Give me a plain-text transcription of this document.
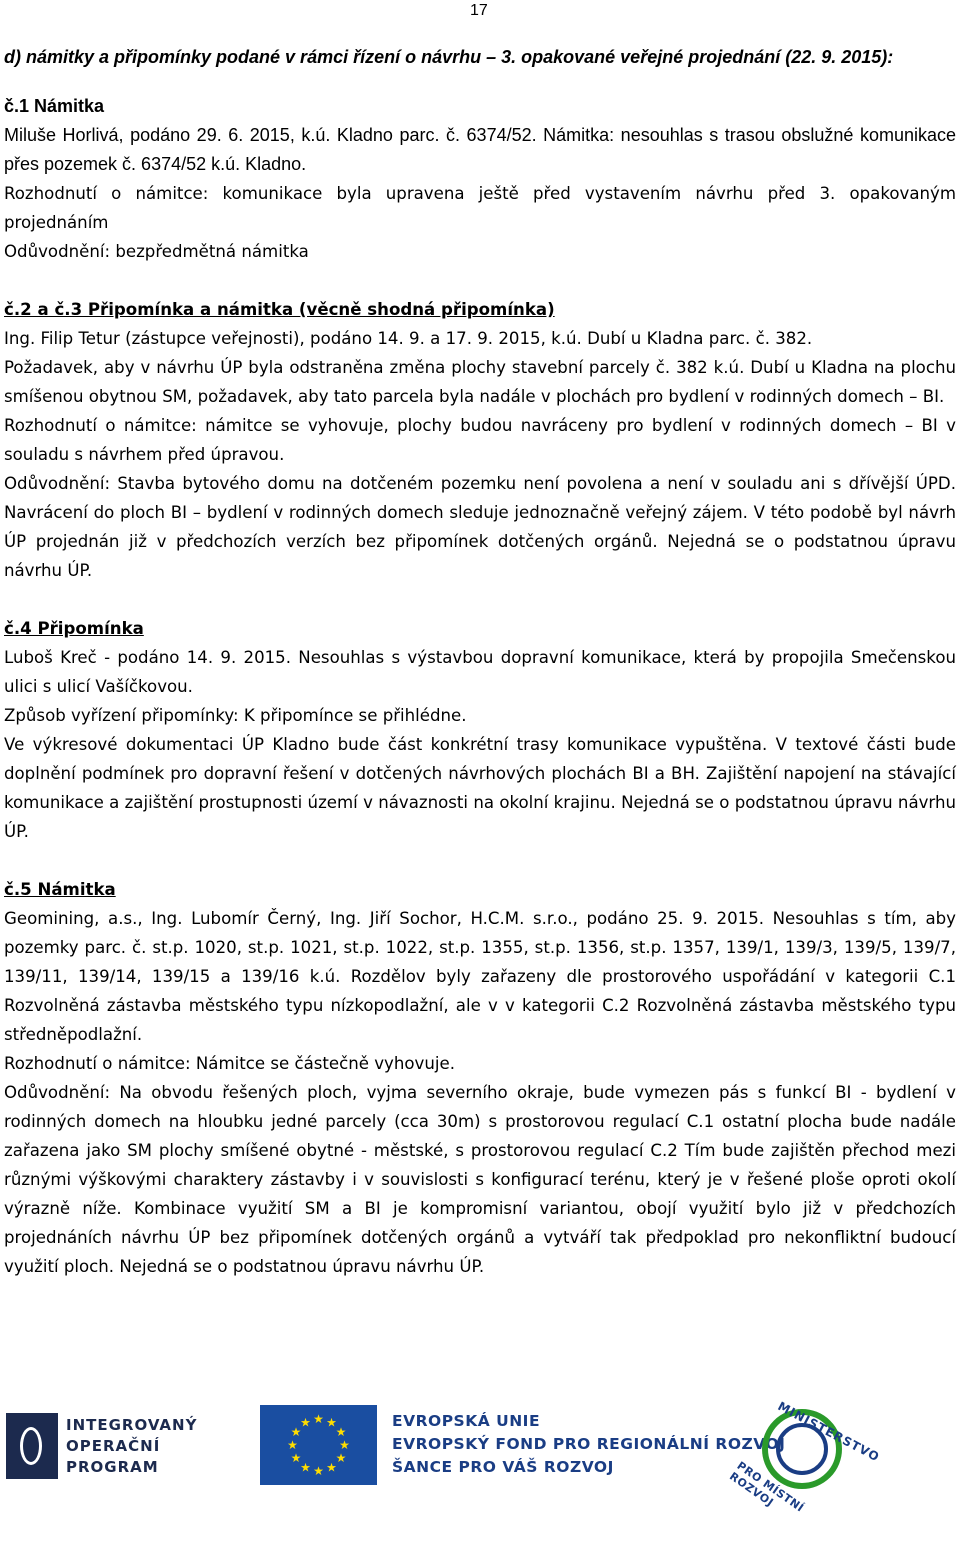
17

d) námitky a připomínky podané v rámci řízení o návrhu – 3. opakované veřejné projednání (22. 9. 2015):

č.1 Námitka

Miluše Horlivá, podáno 29. 6. 2015, k.ú. Kladno parc. č. 6374/52. Námitka: nesouhlas s trasou obslužné komunikace přes pozemek č. 6374/52 k.ú. Kladno.

Rozhodnutí o námitce: komunikace byla upravena ještě před vystavením návrhu před 3. opakovaným projednáním

Odůvodnění: bezpředmětná námitka

č.2 a č.3 Připomínka a námitka (věcně shodná připomínka)

Ing. Filip Tetur (zástupce veřejnosti), podáno 14. 9. a 17. 9. 2015, k.ú. Dubí u Kladna parc. č. 382.

Požadavek, aby v návrhu ÚP byla odstraněna změna plochy stavební parcely č. 382 k.ú. Dubí u Kladna na plochu smíšenou obytnou SM, požadavek, aby tato parcela byla nadále v plochách pro bydlení v rodinných domech – BI.

Rozhodnutí o námitce: námitce se vyhovuje, plochy budou navráceny pro bydlení v rodinných domech – BI v souladu s návrhem před úpravou.

Odůvodnění: Stavba bytového domu na dotčeném pozemku není povolena a není v souladu ani s dřívější ÚPD. Navrácení do ploch BI – bydlení v rodinných domech sleduje jednoznačně veřejný zájem. V této podobě byl návrh ÚP projednán již v předchozích verzích bez připomínek dotčených orgánů. Nejedná se o podstatnou úpravu návrhu ÚP.

č.4 Připomínka

Luboš Kreč - podáno 14. 9. 2015. Nesouhlas s výstavbou dopravní komunikace, která by propojila Smečenskou ulici s ulicí Vašíčkovou.

Způsob vyřízení připomínky: K připomínce se přihlédne.

Ve výkresové dokumentaci ÚP Kladno bude část konkrétní trasy komunikace vypuštěna. V textové části bude doplnění podmínek pro dopravní řešení v dotčených návrhových plochách BI a BH. Zajištění napojení na stávající komunikace a zajištění prostupnosti území v návaznosti na okolní krajinu. Nejedná se o podstatnou úpravu návrhu ÚP.

č.5 Námitka

Geomining, a.s., Ing. Lubomír Černý, Ing. Jiří Sochor, H.C.M. s.r.o., podáno 25. 9. 2015. Nesouhlas s tím, aby pozemky parc. č. st.p. 1020, st.p. 1021, st.p. 1022, st.p. 1355, st.p. 1356, st.p. 1357, 139/1, 139/3, 139/5, 139/7, 139/11, 139/14, 139/15 a 139/16 k.ú. Rozdělov byly zařazeny dle prostorového uspořádání v kategorii C.1 Rozvolněná zástavba městského typu nízkopodlažní, ale v v kategorii C.2 Rozvolněná zástavba městského typu středněpodlažní.

Rozhodnutí o námitce: Námitce se částečně vyhovuje.

Odůvodnění: Na obvodu řešených ploch, vyjma severního okraje, bude vymezen pás s funkcí BI - bydlení v rodinných domech na hloubku jedné parcely (cca 30m) s prostorovou regulací C.1 ostatní plocha bude nadále zařazena jako SM plochy smíšené obytné - městské, s prostorovou regulací C.2 Tím bude zajištěn přechod mezi různými výškovými charaktery zástavby i v souvislosti s konfigurací terénu, který je v řešené ploše oproti okolí výrazně níže. Kombinace využití SM a BI je kompromisní variantou, obojí využití bylo již v předchozích projednáních návrhu ÚP bez připomínek dotčených orgánů a vytváří tak předpoklad pro nekonfliktní budoucí využití ploch. Nejedná se o podstatnou úpravu návrhu ÚP.

INTEGROVANÝ
OPERAČNÍ
PROGRAM
★
★
★
★
★
★
★
★
★ ★ ★
★
EVROPSKÁ UNIE
EVROPSKÝ FOND PRO REGIONÁLNÍ ROZVOJ
ŠANCE PRO VÁŠ ROZVOJ
MINISTERSTVO
PRO MÍSTNÍ ROZVOJ
